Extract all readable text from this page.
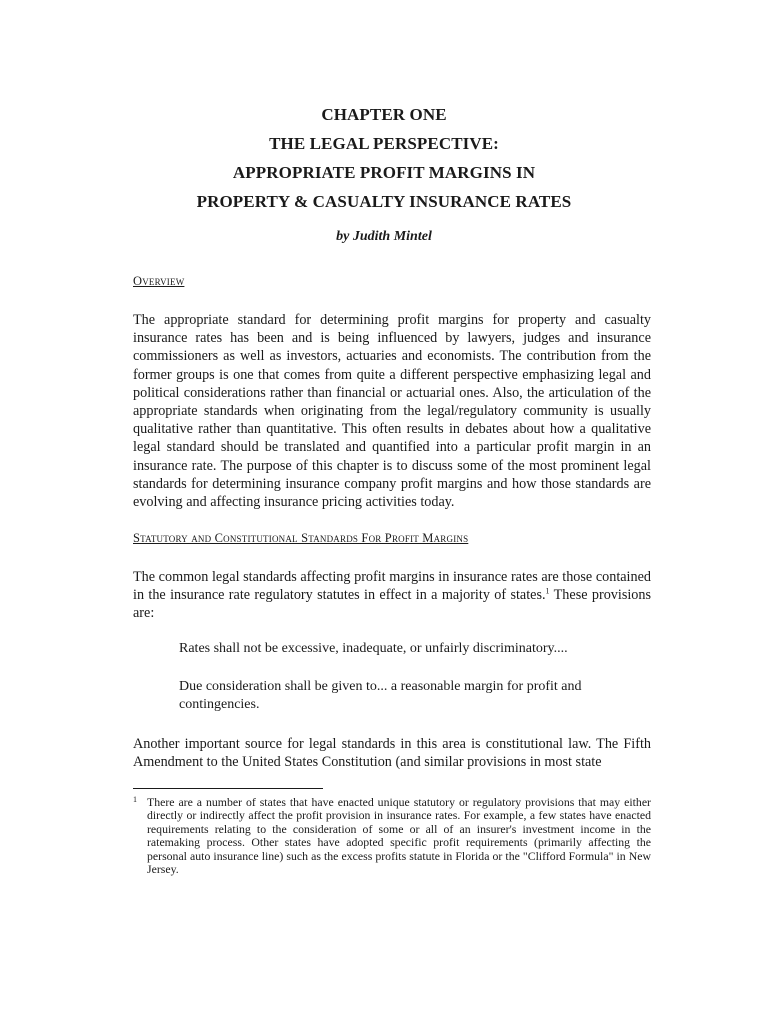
CHAPTER ONE
THE LEGAL PERSPECTIVE:
APPROPRIATE PROFIT MARGINS IN
PROPERTY & CASUALTY INSURANCE RATES
by Judith Mintel
Overview
The appropriate standard for determining profit margins for property and casualty insurance rates has been and is being influenced by lawyers, judges and insurance commissioners as well as investors, actuaries and economists. The contribution from the former groups is one that comes from quite a different perspective emphasizing legal and political considerations rather than financial or actuarial ones. Also, the articulation of the appropriate standards when originating from the legal/regulatory community is usually qualitative rather than quantitative. This often results in debates about how a qualitative legal standard should be translated and quantified into a particular profit margin in an insurance rate. The purpose of this chapter is to discuss some of the most prominent legal standards for determining insurance company profit margins and how those standards are evolving and affecting insurance pricing activities today.
Statutory and Constitutional Standards For Profit Margins
The common legal standards affecting profit margins in insurance rates are those contained in the insurance rate regulatory statutes in effect in a majority of states.$^1$ These provisions are:
Rates shall not be excessive, inadequate, or unfairly discriminatory....
Due consideration shall be given to... a reasonable margin for profit and contingencies.
Another important source for legal standards in this area is constitutional law. The Fifth Amendment to the United States Constitution (and similar provisions in most state
1 There are a number of states that have enacted unique statutory or regulatory provisions that may either directly or indirectly affect the profit provision in insurance rates. For example, a few states have enacted requirements relating to the consideration of some or all of an insurer's investment income in the ratemaking process. Other states have adopted specific profit requirements (primarily affecting the personal auto insurance line) such as the excess profits statute in Florida or the "Clifford Formula" in New Jersey.
